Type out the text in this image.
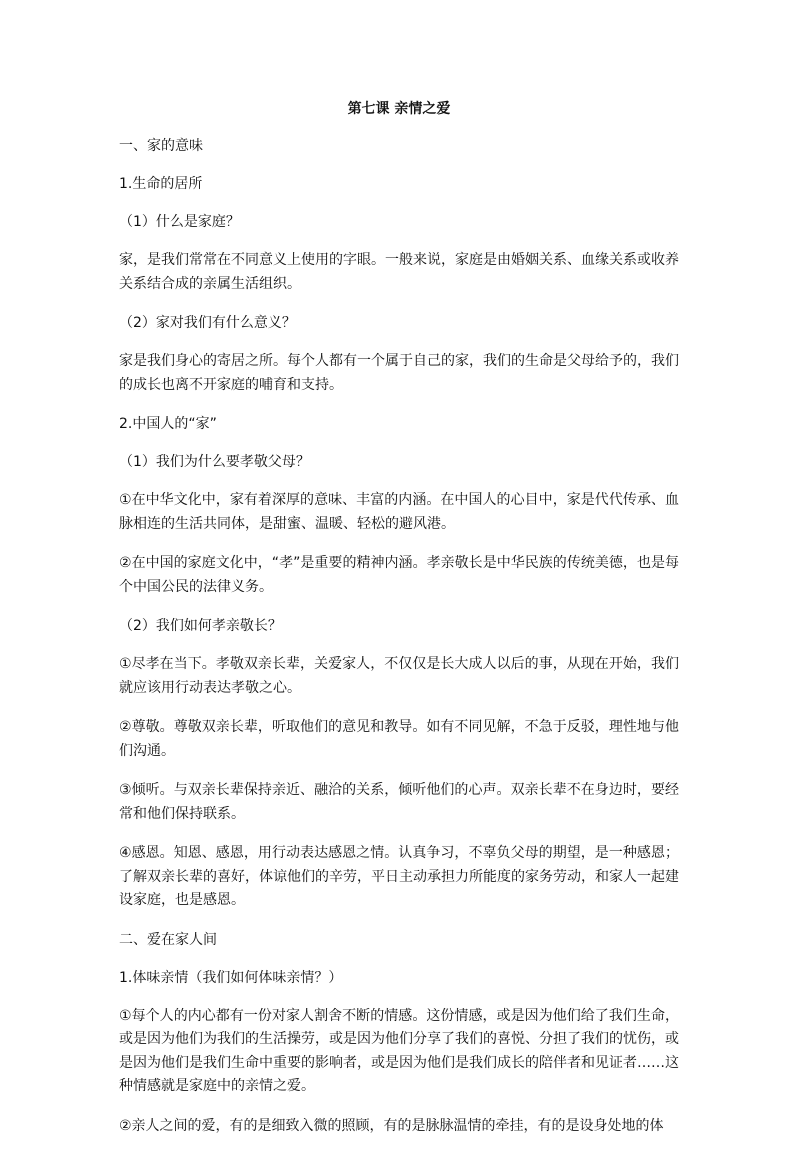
第七课 亲情之爱
一、家的意味
1.生命的居所
（1）什么是家庭？
家，是我们常常在不同意义上使用的字眼。一般来说，家庭是由婚姻关系、血缘关系或收养关系结合成的亲属生活组织。
（2）家对我们有什么意义？
家是我们身心的寄居之所。每个人都有一个属于自己的家，我们的生命是父母给予的，我们的成长也离不开家庭的哺育和支持。
2.中国人的“家”
（1）我们为什么要孝敬父母？
①在中华文化中，家有着深厚的意味、丰富的内涵。在中国人的心目中，家是代代传承、血脉相连的生活共同体，是甜蜜、温暖、轻松的避风港。
②在中国的家庭文化中，“孝”是重要的精神内涵。孝亲敬长是中华民族的传统美德，也是每个中国公民的法律义务。
（2）我们如何孝亲敬长？
①尽孝在当下。孝敬双亲长辈，关爱家人，不仅仅是长大成人以后的事，从现在开始，我们就应该用行动表达孝敬之心。
②尊敬。尊敬双亲长辈，听取他们的意见和教导。如有不同见解，不急于反驳，理性地与他们沟通。
③倾听。与双亲长辈保持亲近、融洽的关系，倾听他们的心声。双亲长辈不在身边时，要经常和他们保持联系。
④感恩。知恩、感恩，用行动表达感恩之情。认真争习，不辜负父母的期望，是一种感恩；了解双亲长辈的喜好，体谅他们的辛劳，平日主动承担力所能度的家务劳动，和家人一起建设家庭，也是感恩。
二、爱在家人间
1.体味亲情（我们如何体味亲情？）
①每个人的内心都有一份对家人割舍不断的情感。这份情感，或是因为他们给了我们生命，或是因为他们为我们的生活操劳，或是因为他们分享了我们的喜悦、分担了我们的忧伤，或是因为他们是我们生命中重要的影响者，或是因为他们是我们成长的陪伴者和见证者……这种情感就是家庭中的亲情之爱。
②亲人之间的爱，有的是细致入微的照顾，有的是脉脉温情的牵挂，有的是设身处地的体
